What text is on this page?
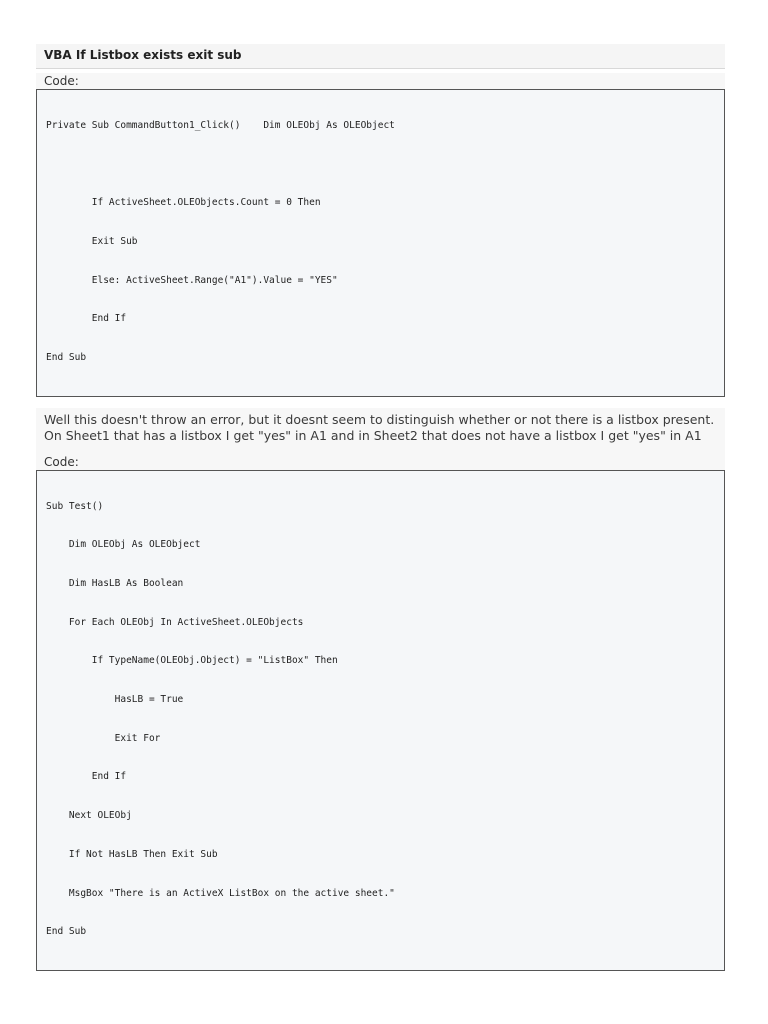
VBA If Listbox exists exit sub
Code:

Private Sub CommandButton1_Click()    Dim OLEObj As OLEObject

If ActiveSheet.OLEObjects.Count = 0 Then

Exit Sub

Else: ActiveSheet.Range("A1").Value = "YES"

End If

End Sub

Well this doesn't throw an error, but it doesnt seem to distinguish whether or not there is a listbox present. On Sheet1 that has a listbox I get "yes" in A1 and in Sheet2 that does not have a listbox I get "yes" in A1
Code:

Sub Test()

Dim OLEObj As OLEObject

Dim HasLB As Boolean

For Each OLEObj In ActiveSheet.OLEObjects

If TypeName(OLEObj.Object) = "ListBox" Then

HasLB = True

Exit For

End If

Next OLEObj

If Not HasLB Then Exit Sub

MsgBox "There is an ActiveX ListBox on the active sheet."

End Sub
